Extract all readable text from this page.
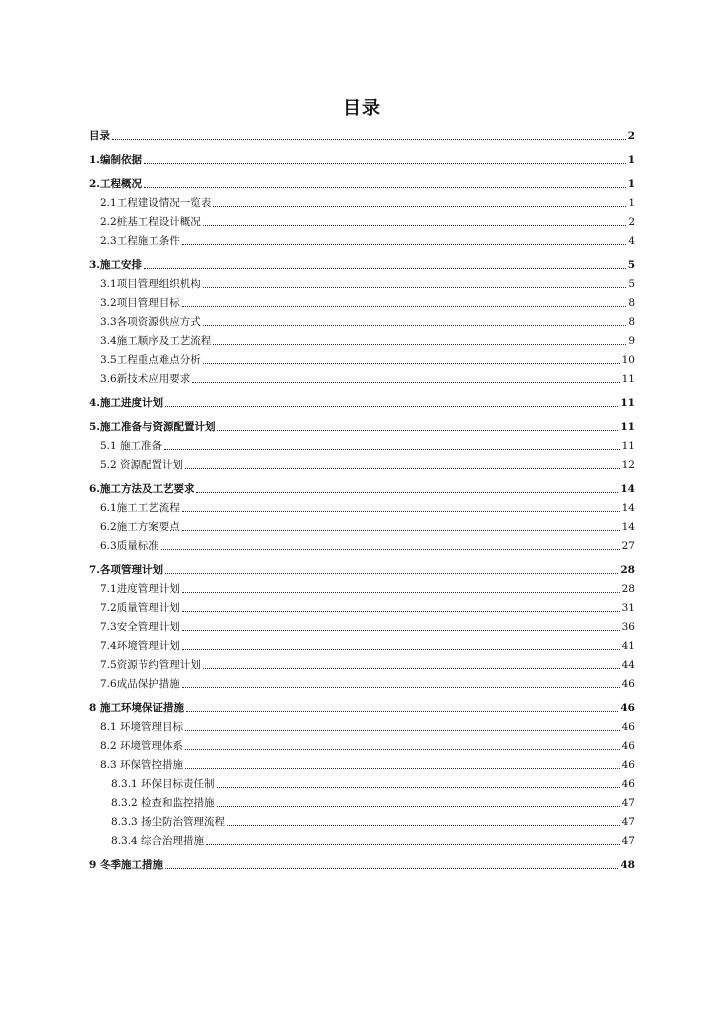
目录
目录	2
1.编制依据	1
2.工程概况	1
2.1工程建设情况一览表	1
2.2桩基工程设计概况	2
2.3工程施工条件	4
3.施工安排	5
3.1项目管理组织机构	5
3.2项目管理目标	8
3.3各项资源供应方式	8
3.4施工顺序及工艺流程	9
3.5工程重点难点分析	10
3.6新技术应用要求	11
4.施工进度计划	11
5.施工准备与资源配置计划	11
5.1 施工准备	11
5.2 资源配置计划	12
6.施工方法及工艺要求	14
6.1施工工艺流程	14
6.2施工方案要点	14
6.3质量标准	27
7.各项管理计划	28
7.1进度管理计划	28
7.2质量管理计划	31
7.3安全管理计划	36
7.4环境管理计划	41
7.5资源节约管理计划	44
7.6成品保护措施	46
8 施工环境保证措施	46
8.1 环境管理目标	46
8.2 环境管理体系	46
8.3 环保管控措施	46
8.3.1 环保目标责任制	46
8.3.2 检查和监控措施	47
8.3.3 扬尘防治管理流程	47
8.3.4 综合治理措施	47
9 冬季施工措施	48
